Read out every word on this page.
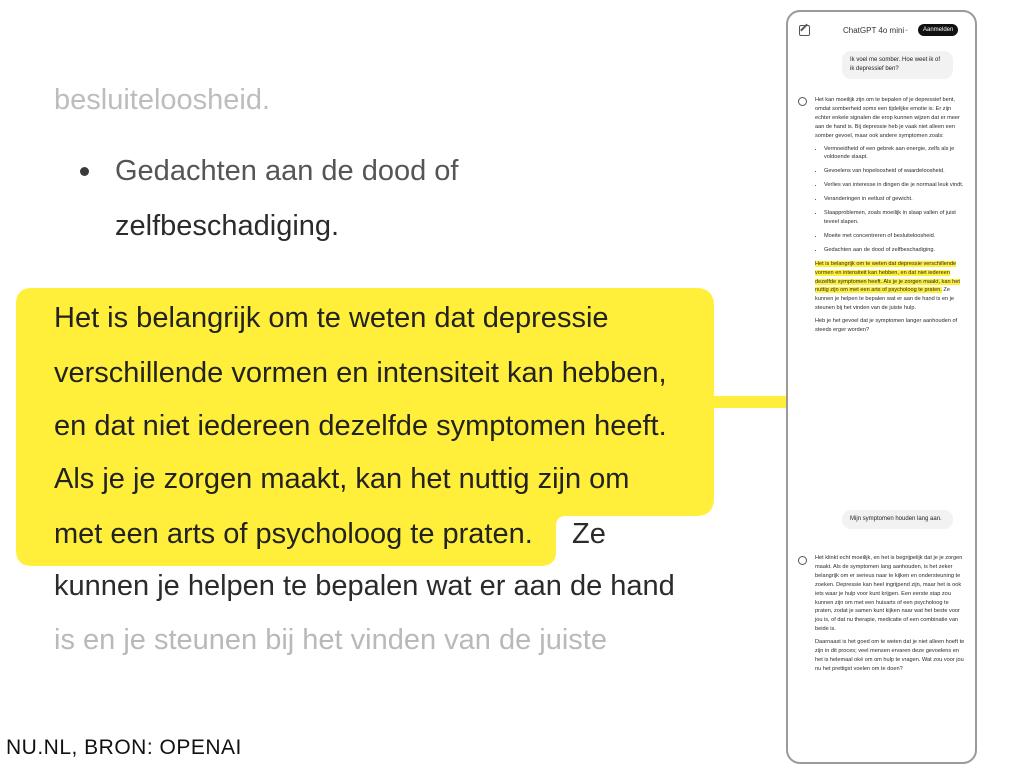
besluiteloosheid.
Gedachten aan de dood of
zelfbeschadiging.
Het is belangrijk om te weten dat depressie
verschillende vormen en intensiteit kan hebben,
en dat niet iedereen dezelfde symptomen heeft.
Als je je zorgen maakt, kan het nuttig zijn om
met een arts of psycholoog te praten. Ze
kunnen je helpen te bepalen wat er aan de hand
is en je steunen bij het vinden van de juiste
NU.NL, BRON: OPENAI
ChatGPT 4o mini ⌄	Aanmelden
Ik voel me somber. Hoe weet ik of ik depressief ben?

Het kan moeilijk zijn om te bepalen of je depressief bent, omdat somberheid soms een tijdelijke emotie is. Er zijn echter enkele signalen die erop kunnen wijzen dat er meer aan de hand is. Bij depressie heb je vaak niet alleen een somber gevoel, maar ook andere symptomen zoals:

• Vermoeidheid of een gebrek aan energie, zelfs als je voldoende slaapt.
• Gevoelens van hopeloosheid of waardeloosheid.
• Verlies van interesse in dingen die je normaal leuk vindt.
• Veranderingen in eetlust of gewicht.
• Slaapproblemen, zoals moeilijk in slaap vallen of juist teveel slapen.
• Moeite met concentreren of besluiteloosheid.
• Gedachten aan de dood of zelfbeschadiging.

Het is belangrijk om te weten dat depressie verschillende vormen en intensiteit kan hebben, en dat niet iedereen dezelfde symptomen heeft. Als je je zorgen maakt, kan het nuttig zijn om met een arts of psycholoog te praten. Ze kunnen je helpen te bepalen wat er aan de hand is en je steunen bij het vinden van de juiste hulp.

Heb je het gevoel dat je symptomen langer aanhouden of steeds erger worden?

Mijn symptomen houden lang aan.

Het klinkt echt moeilijk, en het is begrijpelijk dat je je zorgen maakt. Als de symptomen lang aanhouden, is het zeker belangrijk om er serieus naar te kijken en ondersteuning te zoeken. Depressie kan heel ingrijpend zijn, maar het is ook iets waar je hulp voor kunt krijgen. Een eerste stap zou kunnen zijn om met een huisarts of een psycholoog te praten, zodat je samen kunt kijken naar wat het beste voor jou is, of dat nu therapie, medicatie of een combinatie van beide is.

Daarnaast is het goed om te weten dat je niet alleen hoeft te zijn in dit proces; veel mensen ervaren deze gevoelens en het is helemaal oké om om hulp te vragen. Wat zou voor jou nu het prettigst voelen om te doen?
